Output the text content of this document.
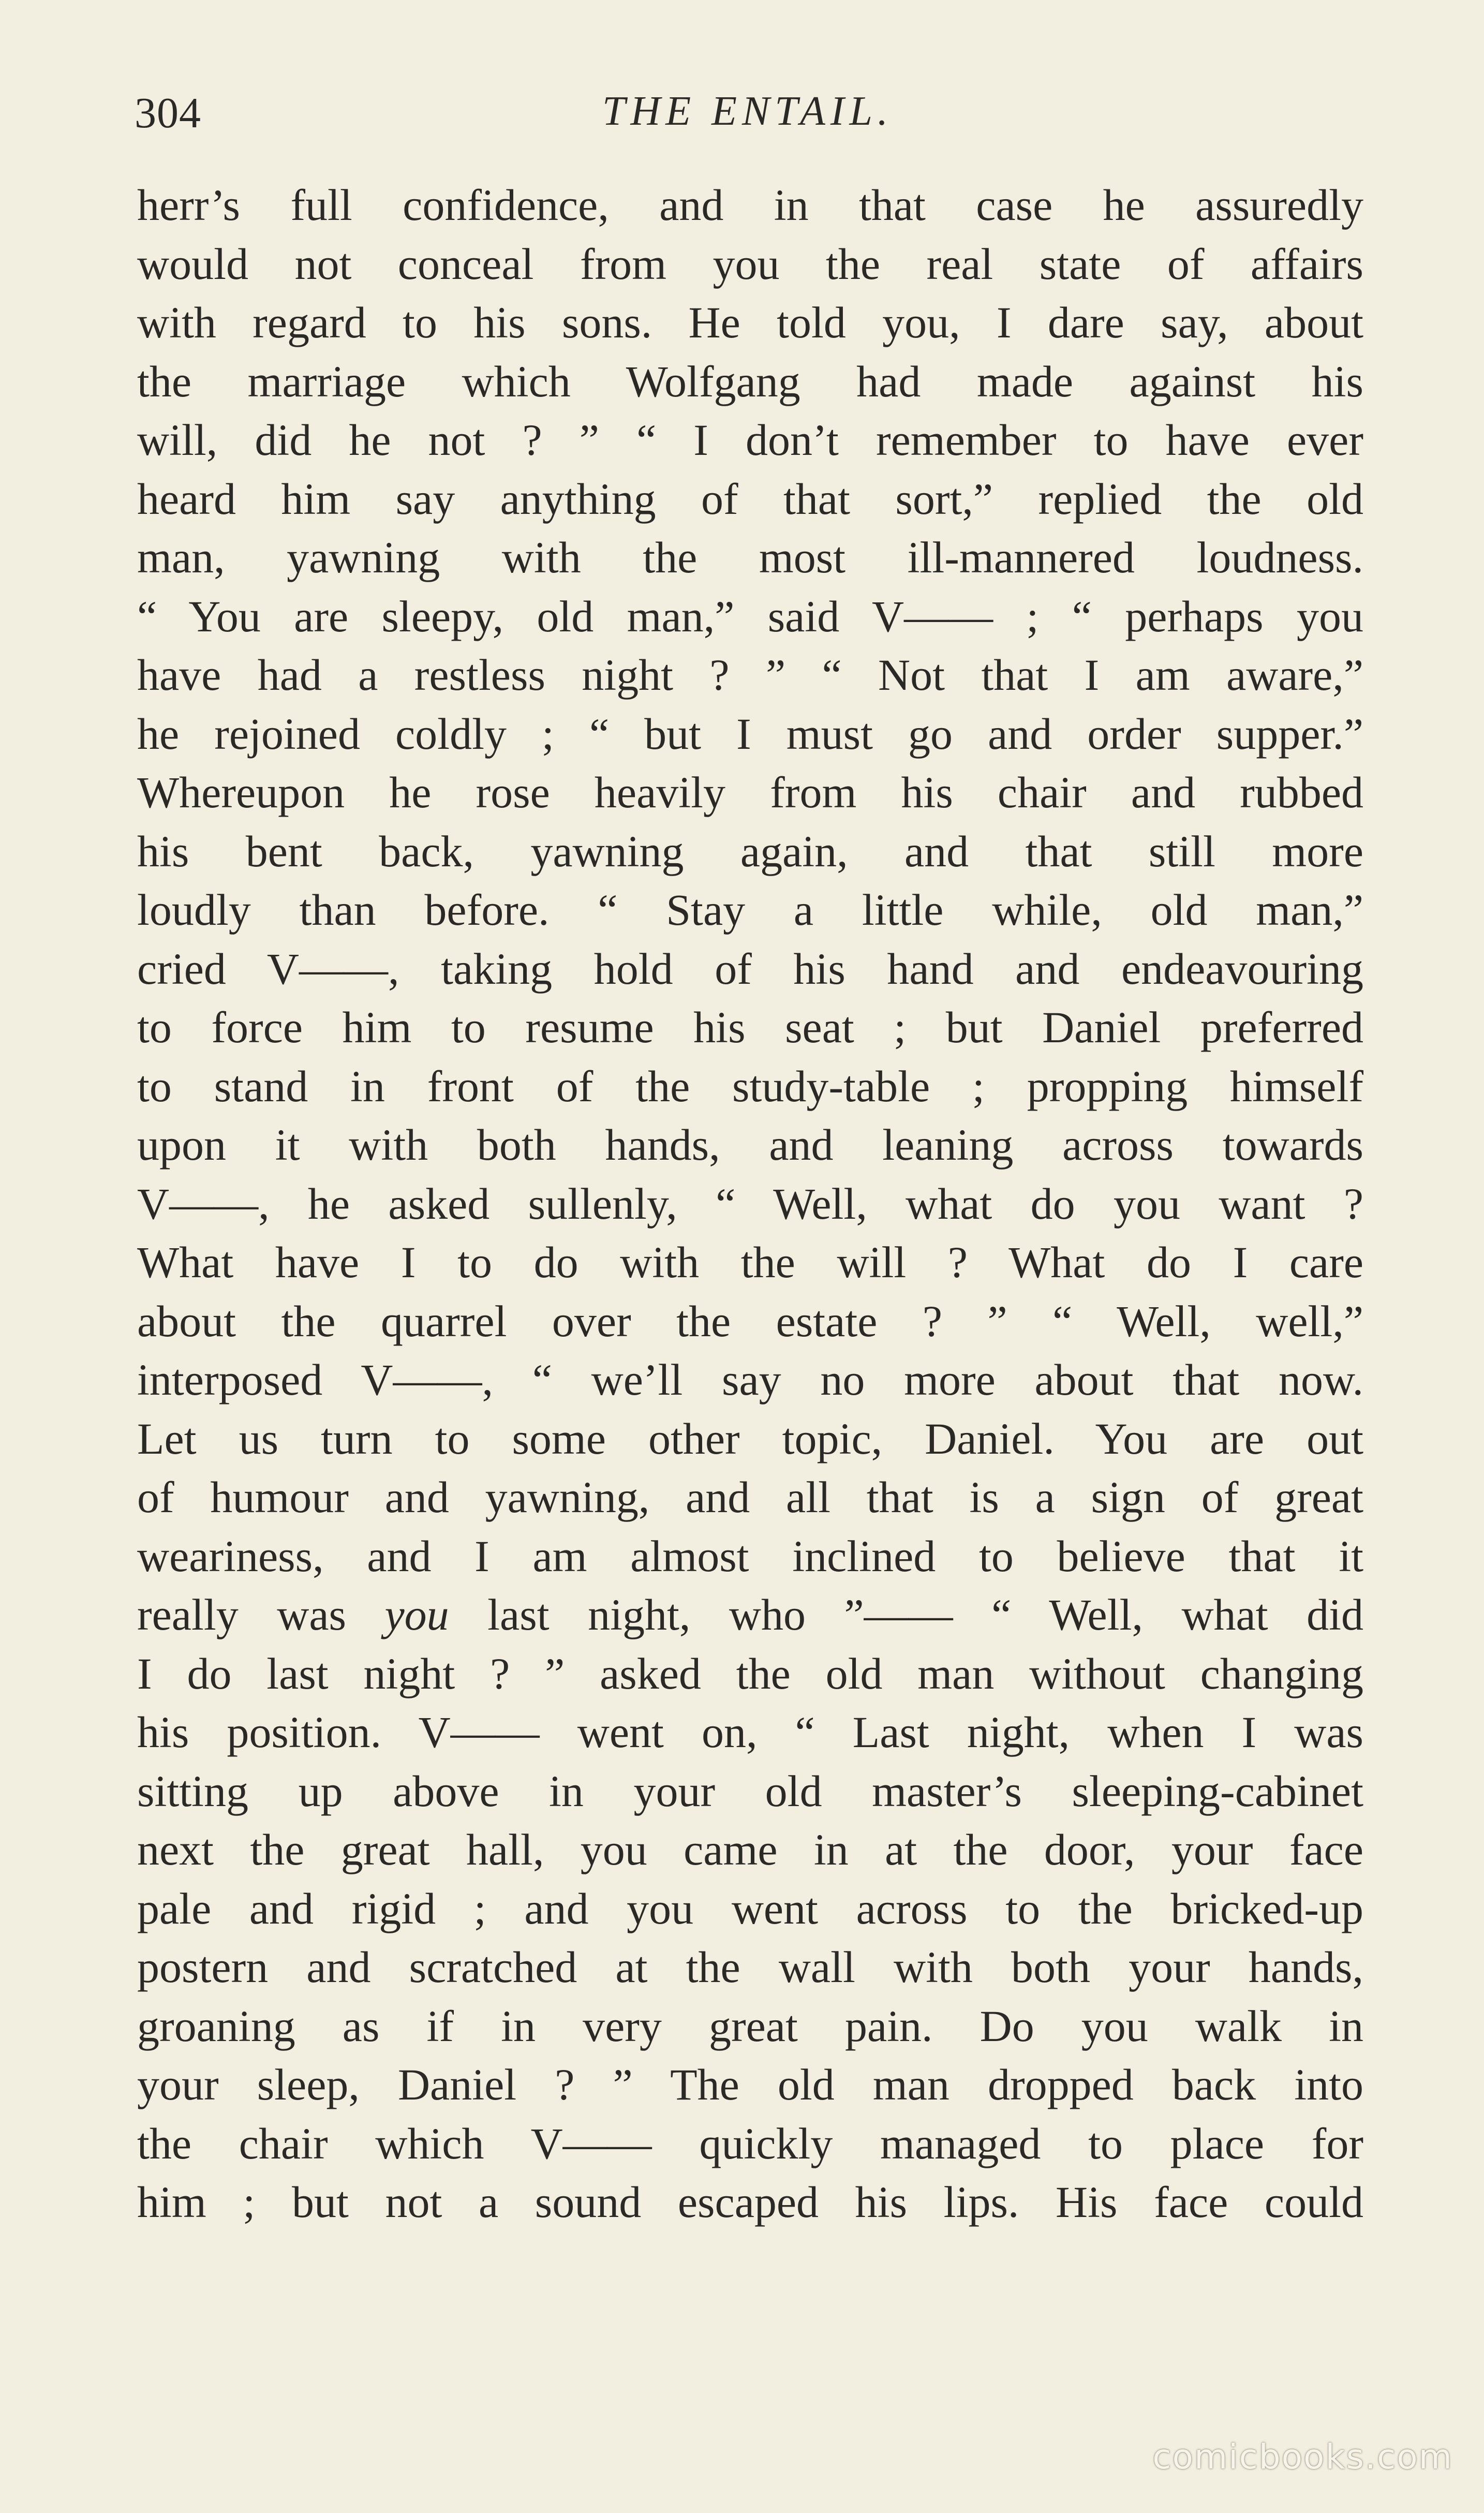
304	THE ENTAIL.
herr’s full confidence, and in that case he assuredly
would not conceal from you the real state of affairs
with regard to his sons. He told you, I dare say, about
the marriage which Wolfgang had made against his
will, did he not ? ” “ I don’t remember to have ever
heard him say anything of that sort,” replied the old
man, yawning with the most ill-mannered loudness.
“ You are sleepy, old man,” said V—— ; “ perhaps you
have had a restless night ? ” “ Not that I am aware,”
he rejoined coldly ; “ but I must go and order supper.”
Whereupon he rose heavily from his chair and rubbed
his bent back, yawning again, and that still more
loudly than before. “ Stay a little while, old man,”
cried V——, taking hold of his hand and endeavouring
to force him to resume his seat ; but Daniel preferred
to stand in front of the study-table ; propping himself
upon it with both hands, and leaning across towards
V——, he asked sullenly, “ Well, what do you want ?
What have I to do with the will ? What do I care
about the quarrel over the estate ? ” “ Well, well,”
interposed V——, “ we’ll say no more about that now.
Let us turn to some other topic, Daniel. You are out
of humour and yawning, and all that is a sign of great
weariness, and I am almost inclined to believe that it
really was you last night, who ”—— “ Well, what did
I do last night ? ” asked the old man without changing
his position. V—— went on, “ Last night, when I was
sitting up above in your old master’s sleeping-cabinet
next the great hall, you came in at the door, your face
pale and rigid ; and you went across to the bricked-up
postern and scratched at the wall with both your hands,
groaning as if in very great pain. Do you walk in
your sleep, Daniel ? ” The old man dropped back into
the chair which V—— quickly managed to place for
him ; but not a sound escaped his lips. His face could
comicbooks.com
